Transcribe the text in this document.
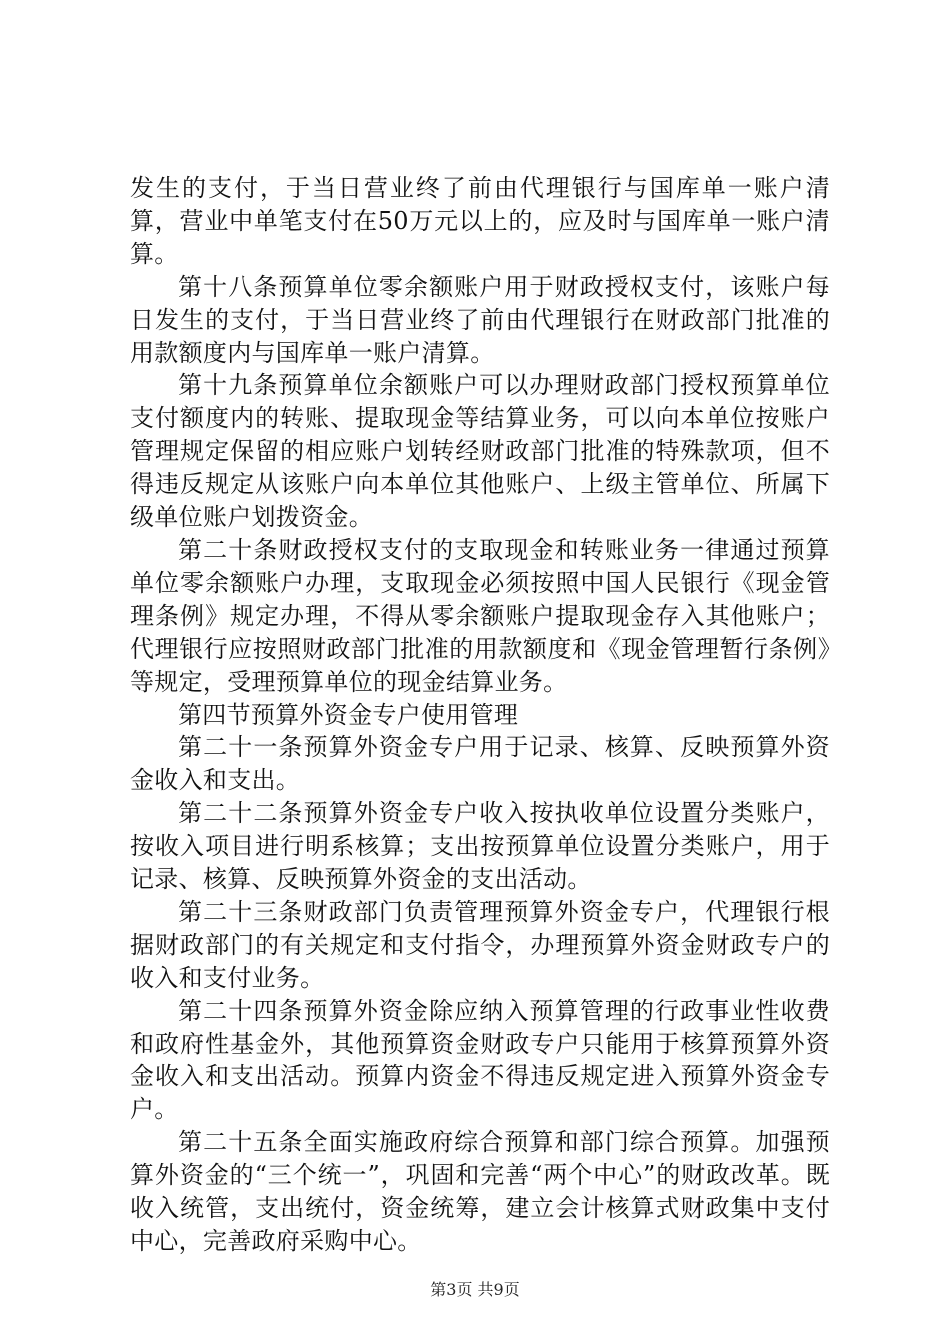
发生的支付，于当日营业终了前由代理银行与国库单一账户清算，营业中单笔支付在50万元以上的，应及时与国库单一账户清算。

第十八条预算单位零余额账户用于财政授权支付，该账户每日发生的支付，于当日营业终了前由代理银行在财政部门批准的用款额度内与国库单一账户清算。

第十九条预算单位余额账户可以办理财政部门授权预算单位支付额度内的转账、提取现金等结算业务，可以向本单位按账户管理规定保留的相应账户划转经财政部门批准的特殊款项，但不得违反规定从该账户向本单位其他账户、上级主管单位、所属下级单位账户划拨资金。

第二十条财政授权支付的支取现金和转账业务一律通过预算单位零余额账户办理，支取现金必须按照中国人民银行《现金管理条例》规定办理，不得从零余额账户提取现金存入其他账户；代理银行应按照财政部门批准的用款额度和《现金管理暂行条例》等规定，受理预算单位的现金结算业务。

第四节预算外资金专户使用管理

第二十一条预算外资金专户用于记录、核算、反映预算外资金收入和支出。

第二十二条预算外资金专户收入按执收单位设置分类账户，按收入项目进行明系核算；支出按预算单位设置分类账户，用于记录、核算、反映预算外资金的支出活动。

第二十三条财政部门负责管理预算外资金专户，代理银行根据财政部门的有关规定和支付指令，办理预算外资金财政专户的收入和支付业务。

第二十四条预算外资金除应纳入预算管理的行政事业性收费和政府性基金外，其他预算资金财政专户只能用于核算预算外资金收入和支出活动。预算内资金不得违反规定进入预算外资金专户。

第二十五条全面实施政府综合预算和部门综合预算。加强预算外资金的“三个统一”，巩固和完善“两个中心”的财政改革。既收入统管，支出统付，资金统筹，建立会计核算式财政集中支付中心，完善政府采购中心。

第3页 共9页
